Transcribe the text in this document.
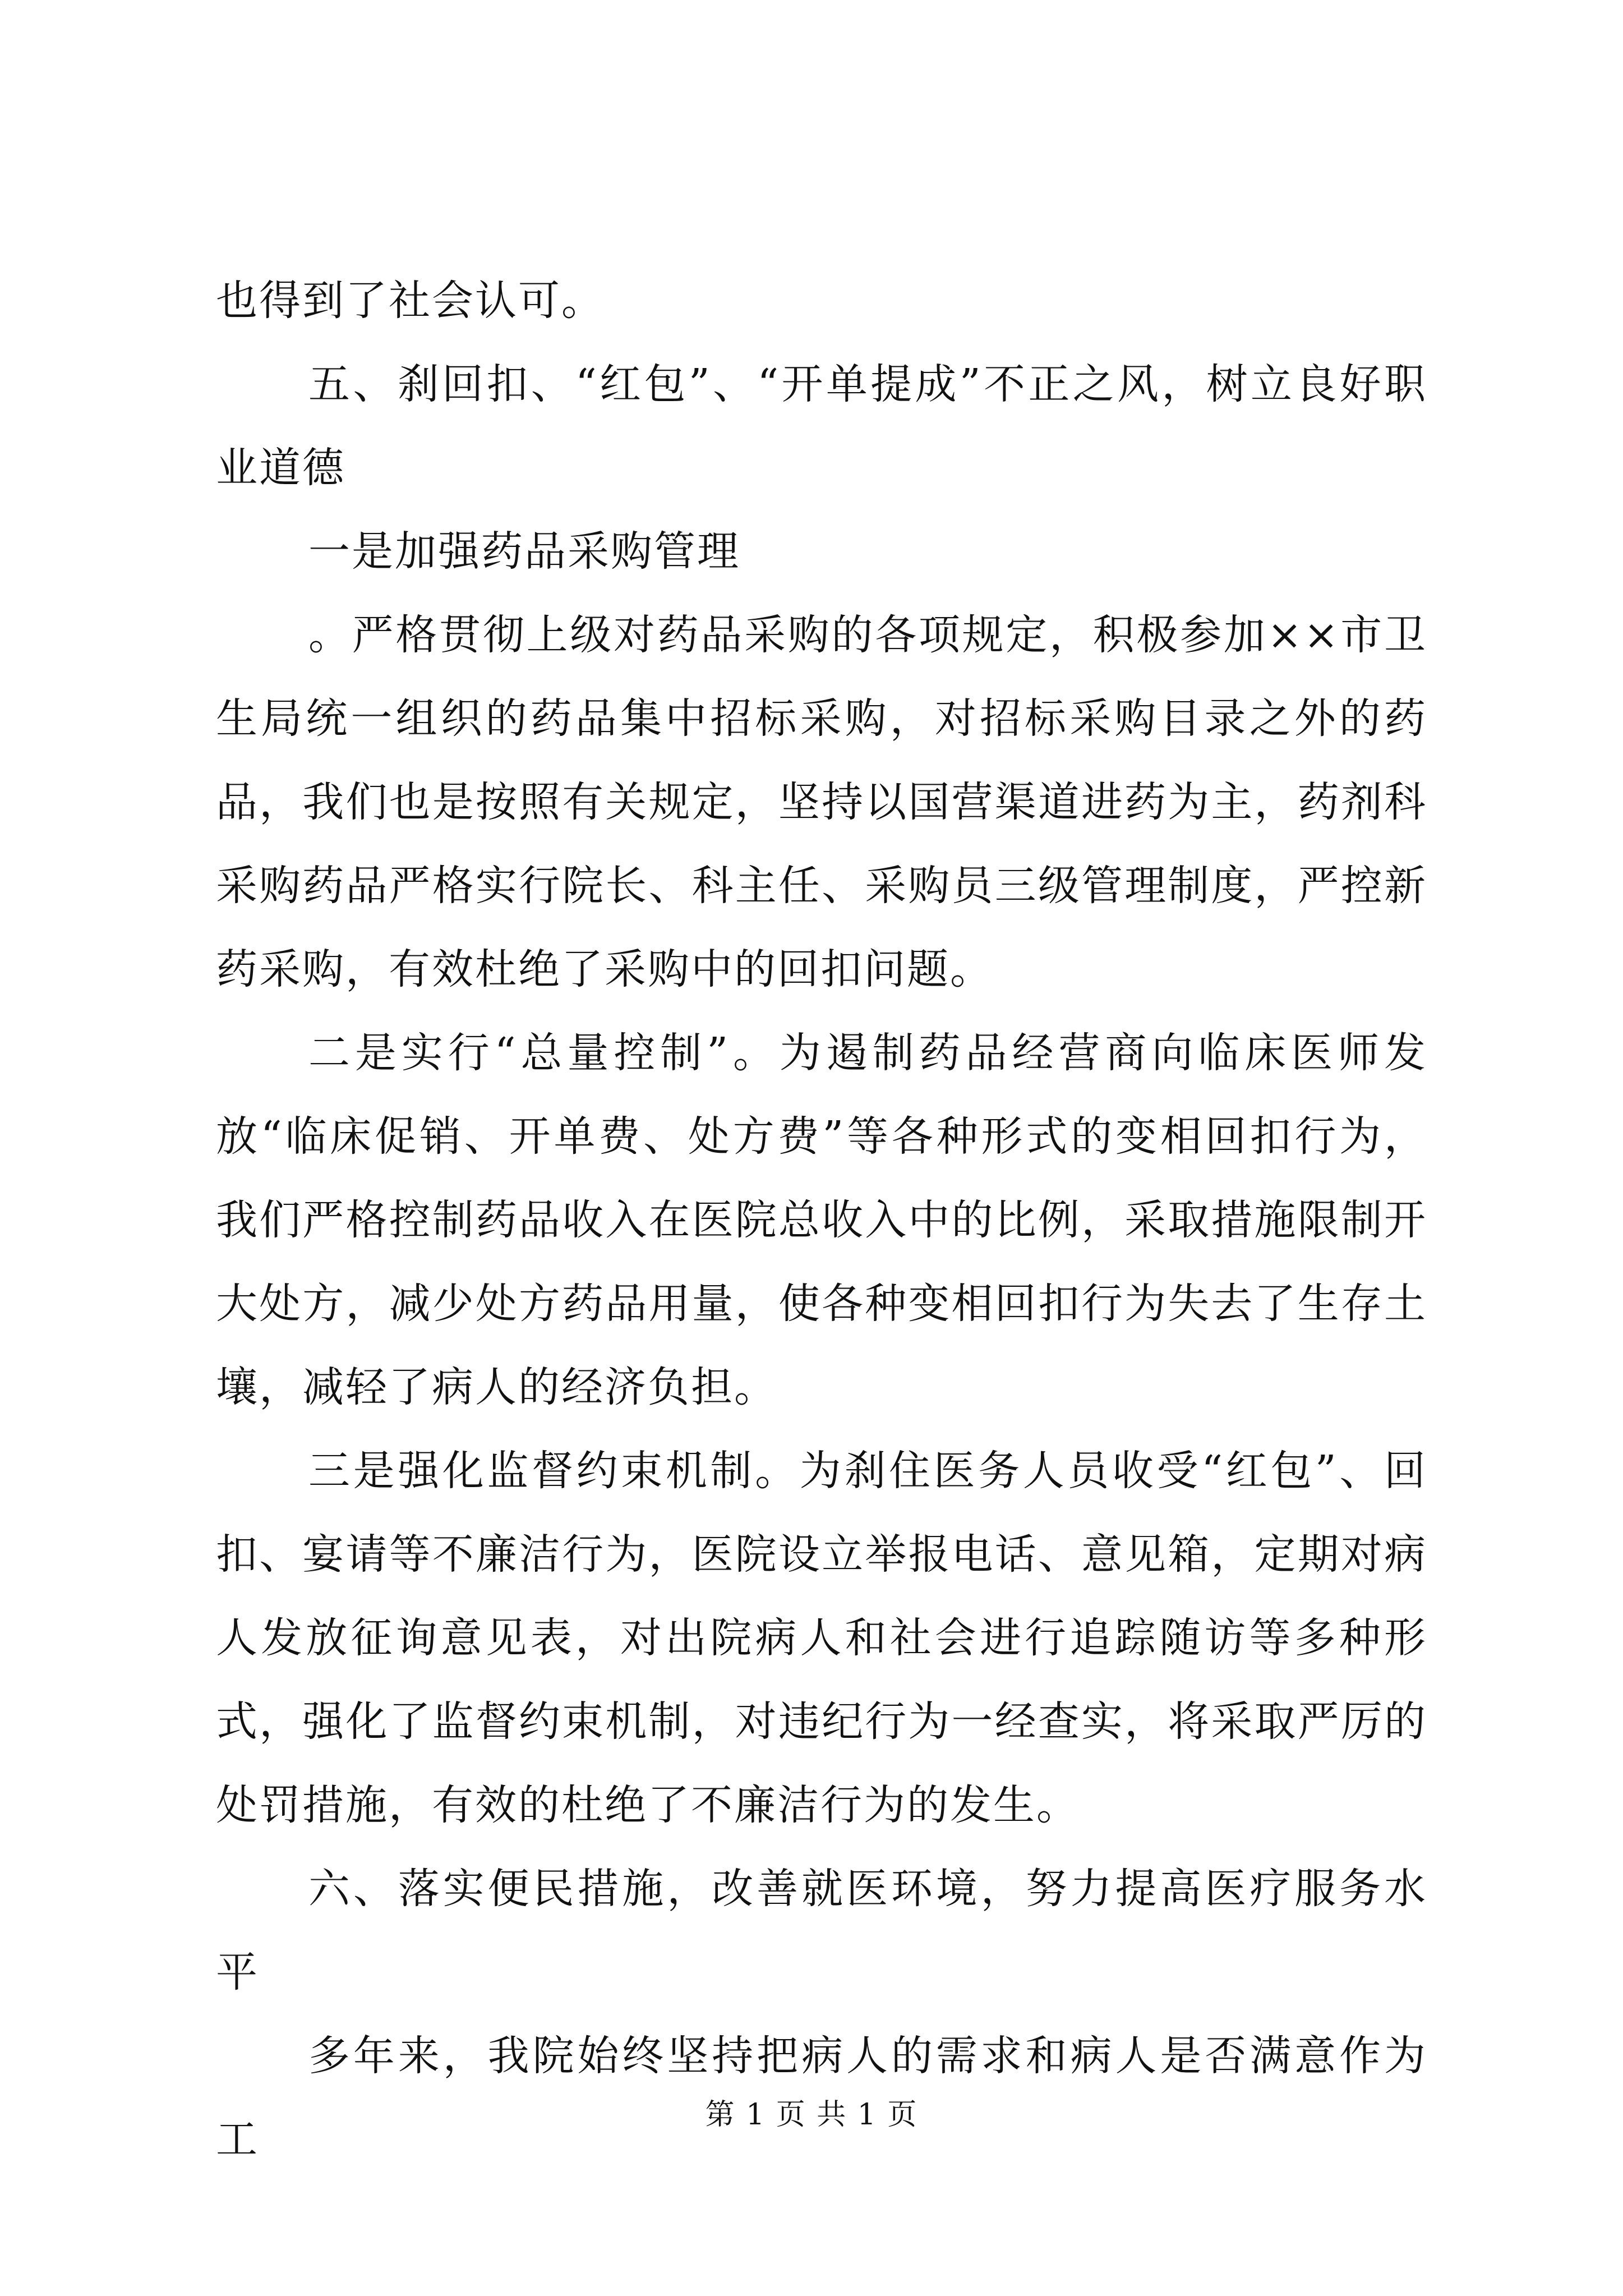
也得到了社会认可。

五、刹回扣、“红包”、“开单提成”不正之风，树立良好职业道德

一是加强药品采购管理

。严格贯彻上级对药品采购的各项规定，积极参加××市卫生局统一组织的药品集中招标采购，对招标采购目录之外的药品，我们也是按照有关规定，坚持以国营渠道进药为主，药剂科采购药品严格实行院长、科主任、采购员三级管理制度，严控新药采购，有效杜绝了采购中的回扣问题。

二是实行“总量控制”。为遏制药品经营商向临床医师发放“临床促销、开单费、处方费”等各种形式的变相回扣行为，我们严格控制药品收入在医院总收入中的比例，采取措施限制开大处方，减少处方药品用量，使各种变相回扣行为失去了生存土壤，减轻了病人的经济负担。

三是强化监督约束机制。为刹住医务人员收受“红包”、回扣、宴请等不廉洁行为，医院设立举报电话、意见箱，定期对病人发放征询意见表，对出院病人和社会进行追踪随访等多种形式，强化了监督约束机制，对违纪行为一经查实，将采取严厉的处罚措施，有效的杜绝了不廉洁行为的发生。

六、落实便民措施，改善就医环境，努力提高医疗服务水平

多年来，我院始终坚持把病人的需求和病人是否满意作为工

第 1 页 共 1 页
